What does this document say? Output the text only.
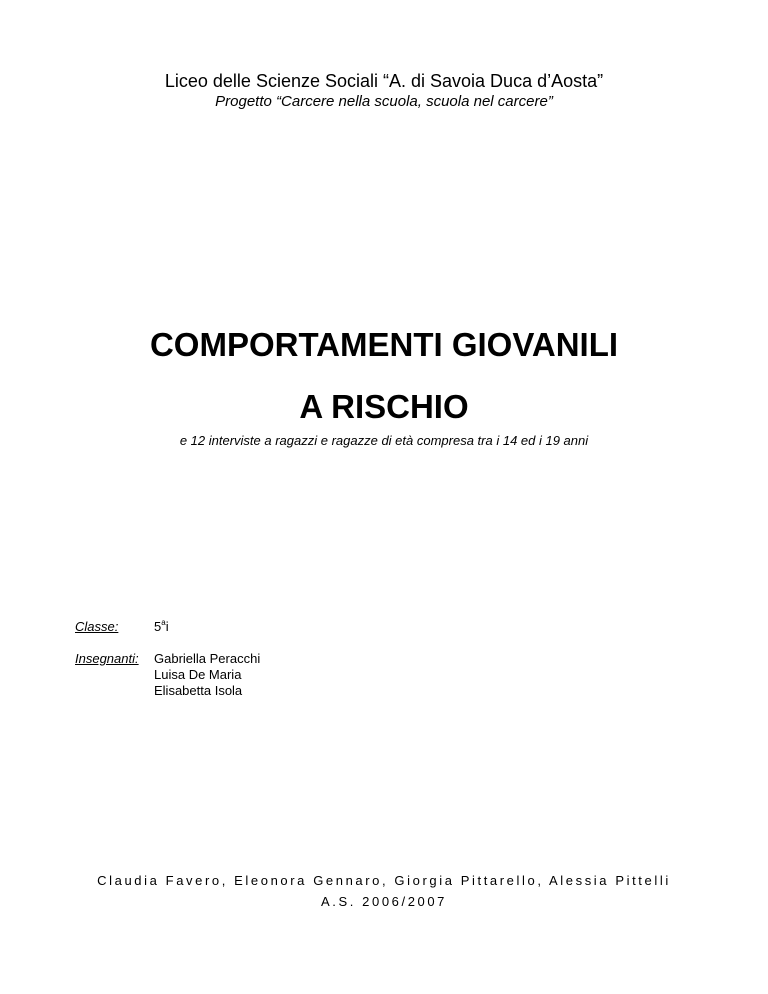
Liceo delle Scienze Sociali “A. di Savoia Duca d’Aosta”
Progetto “Carcere nella scuola, scuola nel carcere”
COMPORTAMENTI GIOVANILI
A RISCHIO
e 12 interviste a ragazzi e ragazze di età compresa tra i 14 ed i 19 anni
Classe:	5$^a$i
Insegnanti: Gabriella Peracchi
Luisa De Maria
Elisabetta Isola
Claudia Favero, Eleonora Gennaro, Giorgia Pittarello, Alessia Pittelli
A.S. 2006/2007
